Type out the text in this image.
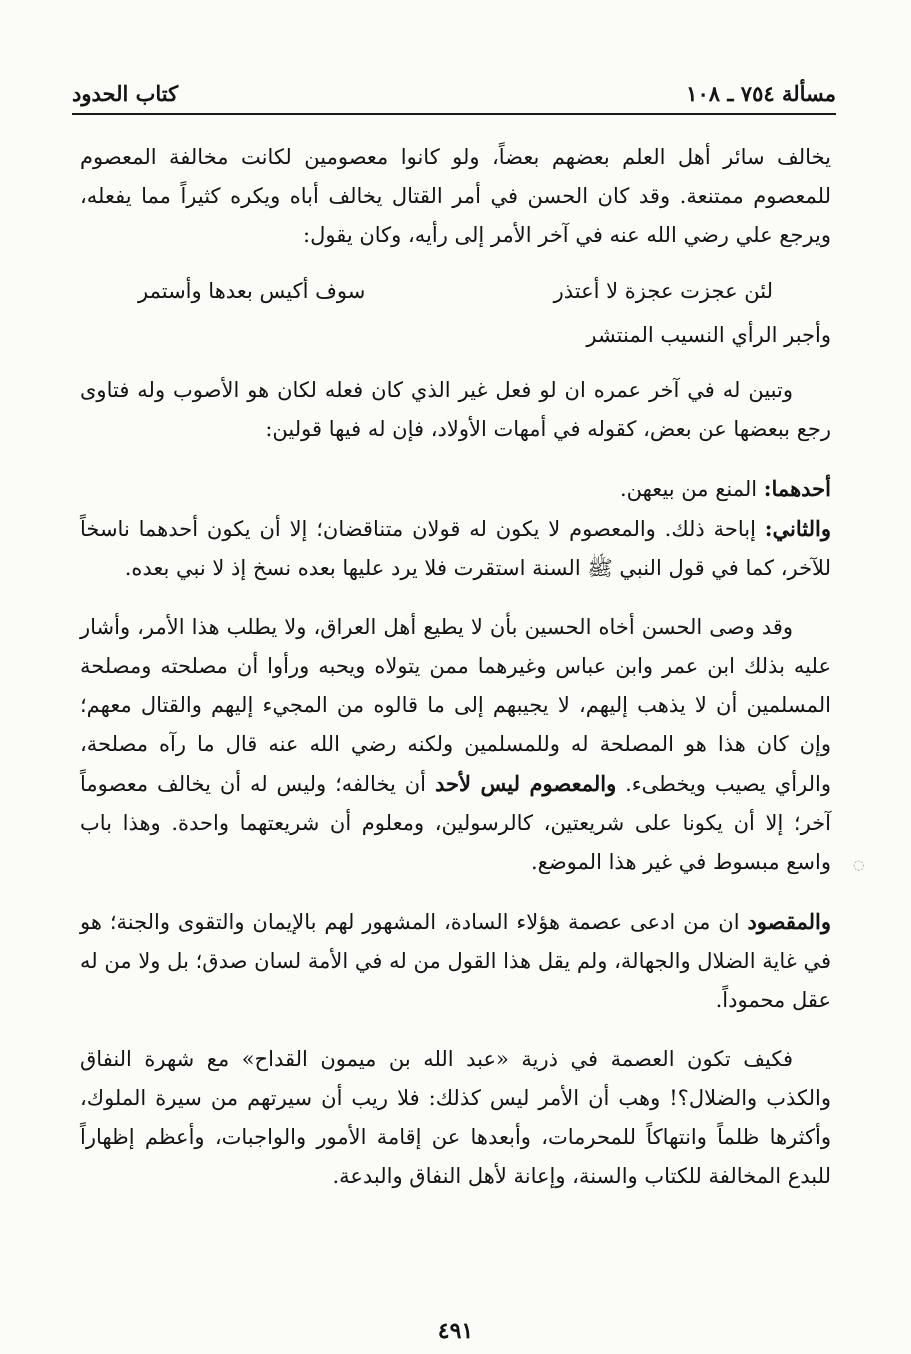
مسألة ٧٥٤ ـ ١٠٨
كتاب الحدود

يخالف سائر أهل العلم بعضهم بعضاً، ولو كانوا معصومين لكانت مخالفة المعصوم للمعصوم ممتنعة. وقد كان الحسن في أمر القتال يخالف أباه ويكره كثيراً مما يفعله، ويرجع علي رضي الله عنه في آخر الأمر إلى رأيه، وكان يقول:

لئن عجزت عجزة لا أعتذر
سوف أكيس بعدها وأستمر
وأجبر الرأي النسيب المنتشر

وتبين له في آخر عمره ان لو فعل غير الذي كان فعله لكان هو الأصوب وله فتاوى رجع ببعضها عن بعض، كقوله في أمهات الأولاد، فإن له فيها قولين:

أحدهما: المنع من بيعهن.

والثاني: إباحة ذلك. والمعصوم لا يكون له قولان متناقضان؛ إلا أن يكون أحدهما ناسخاً للآخر، كما في قول النبي ﷺ السنة استقرت فلا يرد عليها بعده نسخ إذ لا نبي بعده.

وقد وصى الحسن أخاه الحسين بأن لا يطيع أهل العراق، ولا يطلب هذا الأمر، وأشار عليه بذلك ابن عمر وابن عباس وغيرهما ممن يتولاه ويحبه ورأوا أن مصلحته ومصلحة المسلمين أن لا يذهب إليهم، لا يجيبهم إلى ما قالوه من المجيء إليهم والقتال معهم؛ وإن كان هذا هو المصلحة له وللمسلمين ولكنه رضي الله عنه قال ما رآه مصلحة، والرأي يصيب ويخطىء. والمعصوم ليس لأحد أن يخالفه؛ وليس له أن يخالف معصوماً آخر؛ إلا أن يكونا على شريعتين، كالرسولين، ومعلوم أن شريعتهما واحدة. وهذا باب واسع مبسوط في غير هذا الموضع.

والمقصود ان من ادعى عصمة هؤلاء السادة، المشهور لهم بالإيمان والتقوى والجنة؛ هو في غاية الضلال والجهالة، ولم يقل هذا القول من له في الأمة لسان صدق؛ بل ولا من له عقل محموداً.

فكيف تكون العصمة في ذرية «عبد الله بن ميمون القداح» مع شهرة النفاق والكذب والضلال؟! وهب أن الأمر ليس كذلك: فلا ريب أن سيرتهم من سيرة الملوك، وأكثرها ظلماً وانتهاكاً للمحرمات، وأبعدها عن إقامة الأمور والواجبات، وأعظم إظهاراً للبدع المخالفة للكتاب والسنة، وإعانة لأهل النفاق والبدعة.

◌
٤٩١
